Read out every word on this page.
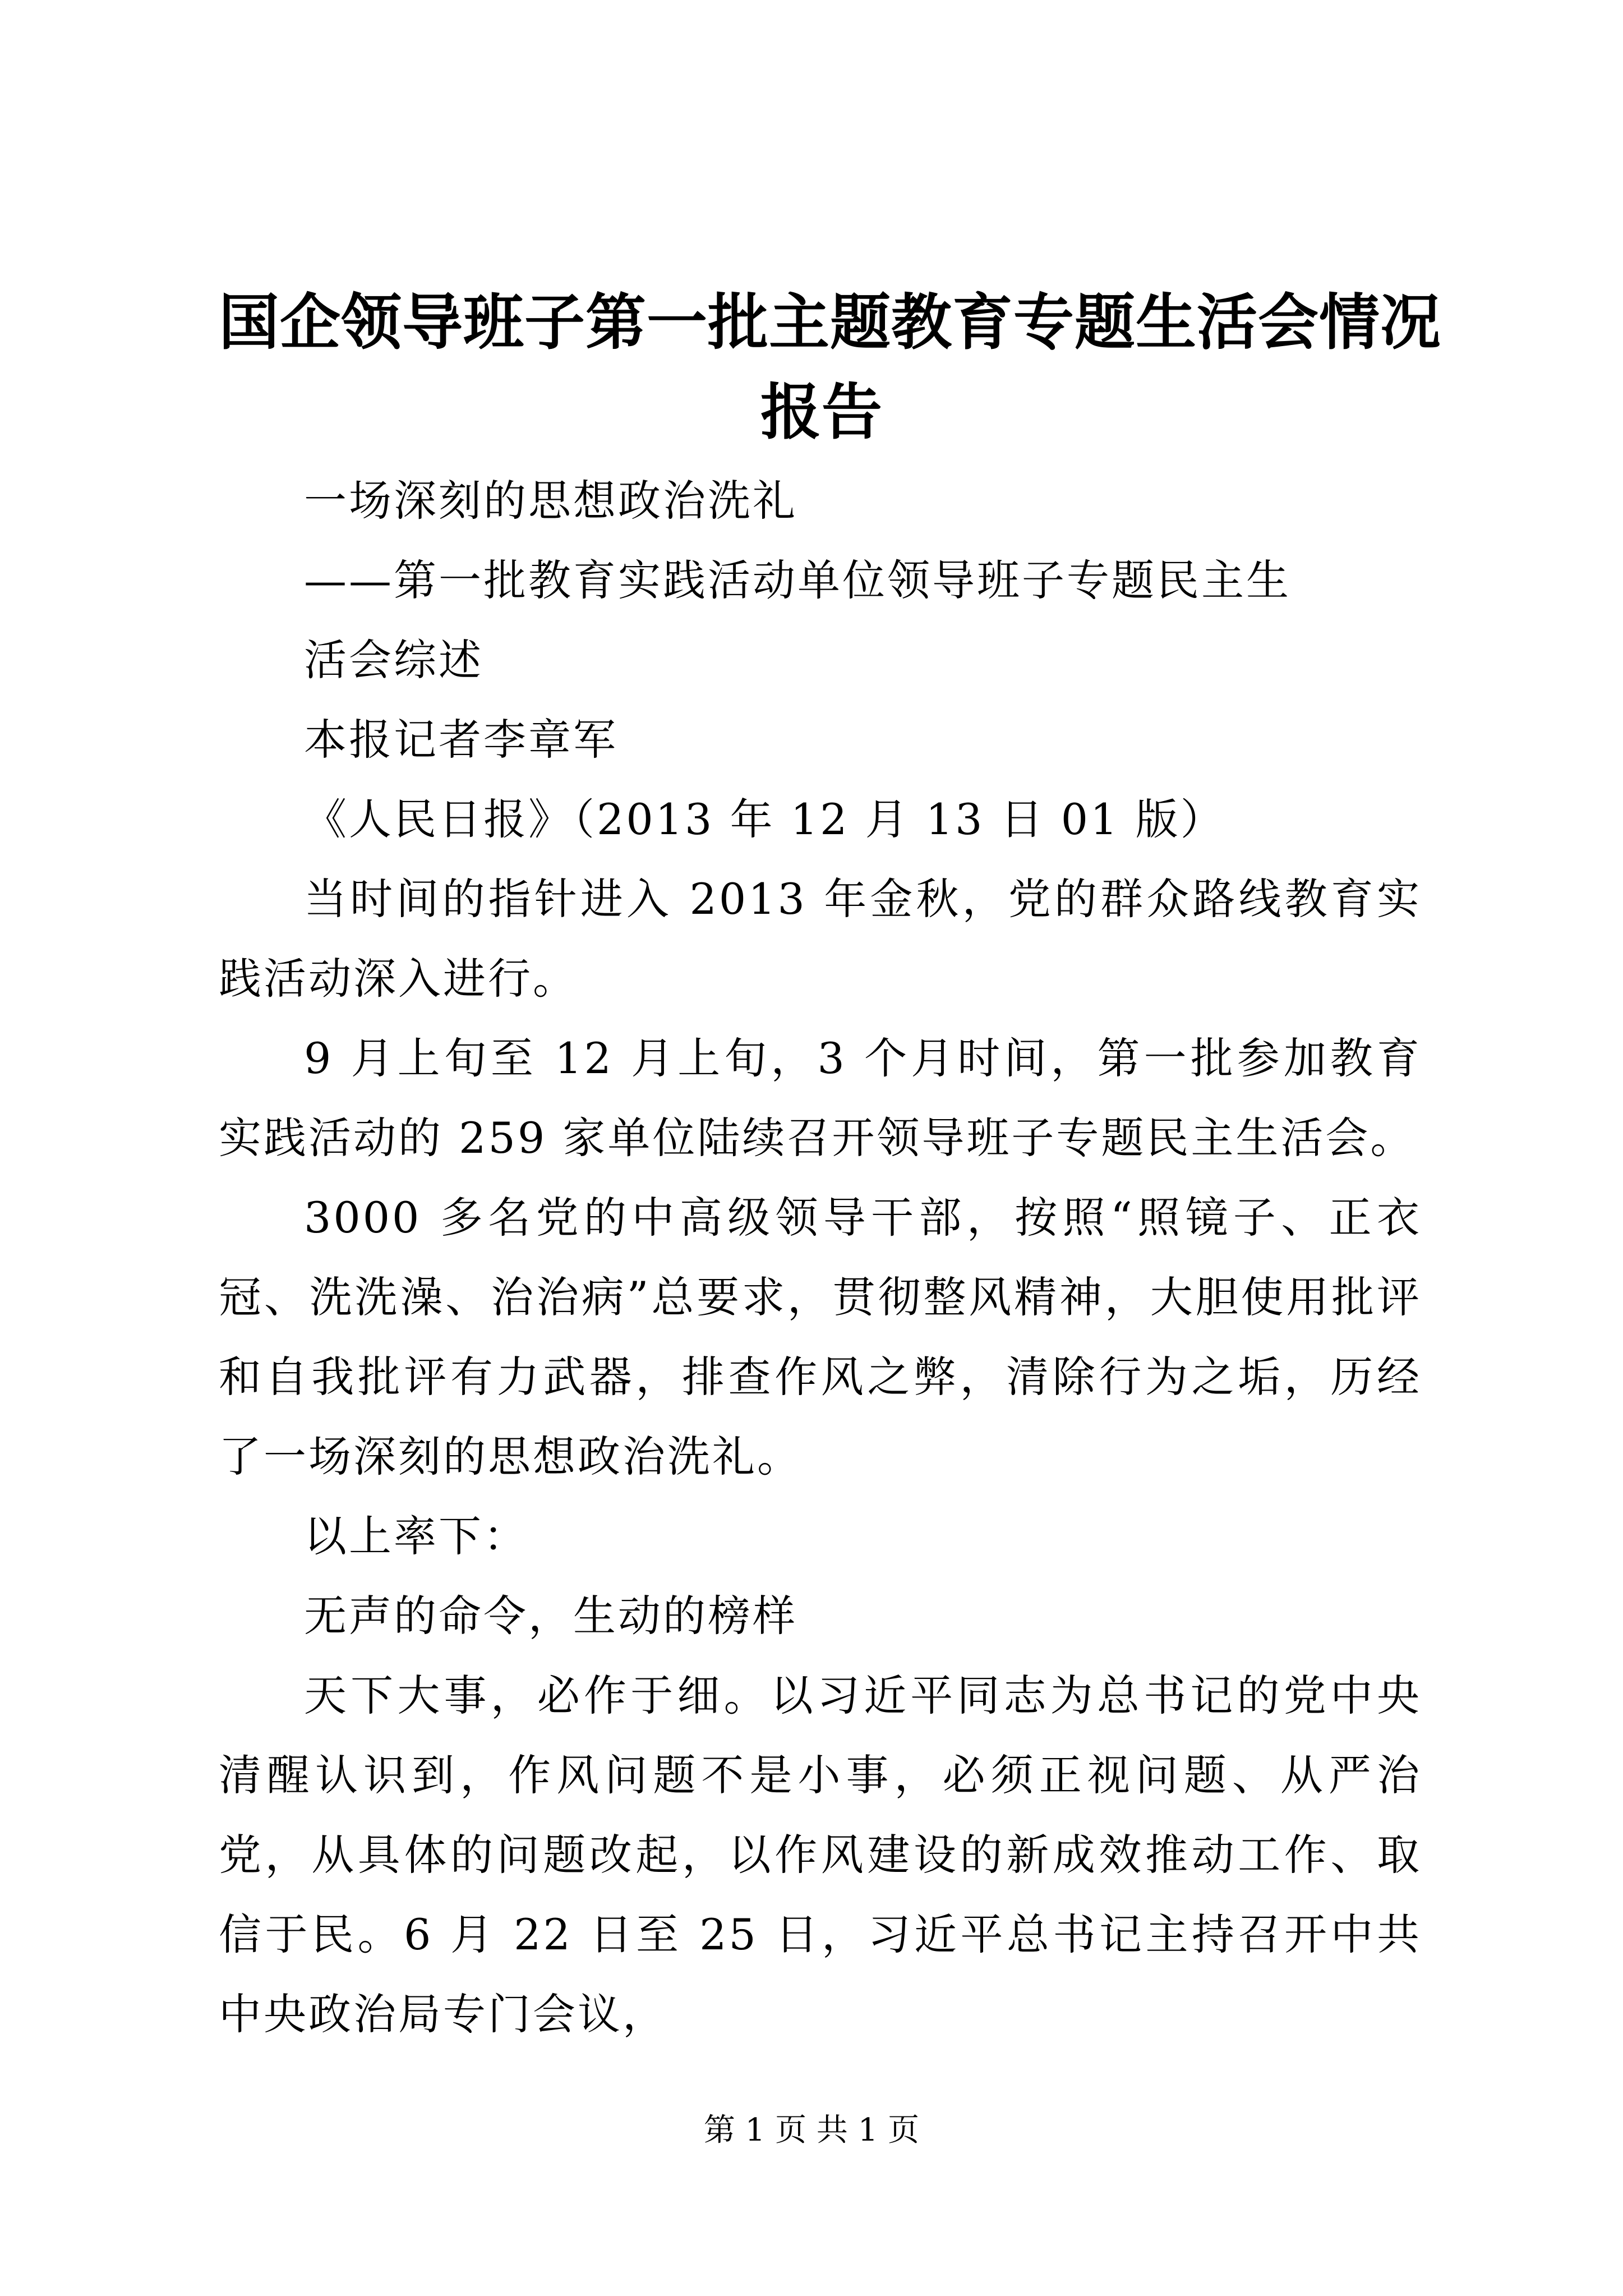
国企领导班子第一批主题教育专题生活会情况
报告

一场深刻的思想政治洗礼

——第一批教育实践活动单位领导班子专题民主生

活会综述

本报记者李章军

《人民日报》（2013 年 12 月 13 日 01 版）

当时间的指针进入 2013 年金秋，党的群众路线教育实践活动深入进行。

9 月上旬至 12 月上旬，3 个月时间，第一批参加教育实践活动的 259 家单位陆续召开领导班子专题民主生活会。

3000 多名党的中高级领导干部，按照“照镜子、正衣冠、洗洗澡、治治病”总要求，贯彻整风精神，大胆使用批评和自我批评有力武器，排查作风之弊，清除行为之垢，历经了一场深刻的思想政治洗礼。

以上率下：

无声的命令，生动的榜样

天下大事，必作于细。以习近平同志为总书记的党中央清醒认识到，作风问题不是小事，必须正视问题、从严治党，从具体的问题改起，以作风建设的新成效推动工作、取信于民。6 月 22 日至 25 日，习近平总书记主持召开中共中央政治局专门会议，

第 1 页 共 1 页
